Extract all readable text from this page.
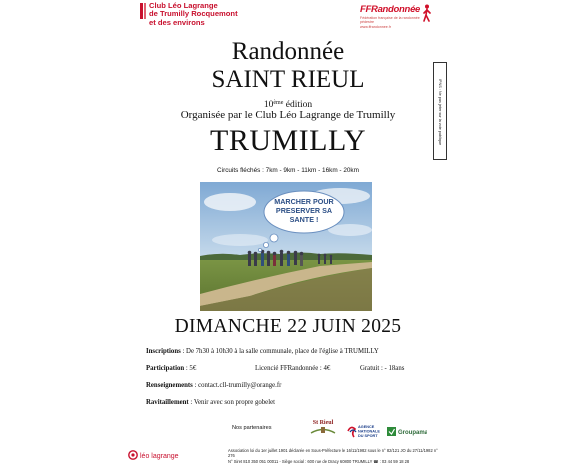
Club Léo Lagrange
de Trumilly Rocquemont
et des environs
FFRandonnée
Fédération française de la randonnée pédestre
www.ffrandonnee.fr
Randonnée
SAINT RIEUL
10ème édition
Organisée par le Club Léo Lagrange de Trumilly
TRUMILLY
Circuits fléchés : 7km - 9km - 11km - 16km - 20km
IPNS : Ne pas jeter sur la voie publique
MARCHER POUR
PRESERVER SA
SANTE !
DIMANCHE 22 JUIN 2025
Inscriptions : De 7h30 à 10h30 à la salle communale, place de l'église à TRUMILLY
Participation : 5€	Licencié FFRandonnée : 4€	Gratuit : - 18ans
Renseignements : contact.cll-trumilly@orange.fr
Ravitaillement : Venir avec son propre gobelet
Nos partenaires
St Rieul
AGENCE
NATIONALE
DU SPORT	Groupama
léo lagrange
Association loi du 1er juillet 1901 déclarée en Sous-Préfecture le 16/11/1982 sous le n° 82/121 JO du 27/11/1982 n° 276
N° Siret 810 350 051 00011 - Siège social : 600 rue de Dracy 60800 TRUMILLY ☎ : 03 44 59 18 28
